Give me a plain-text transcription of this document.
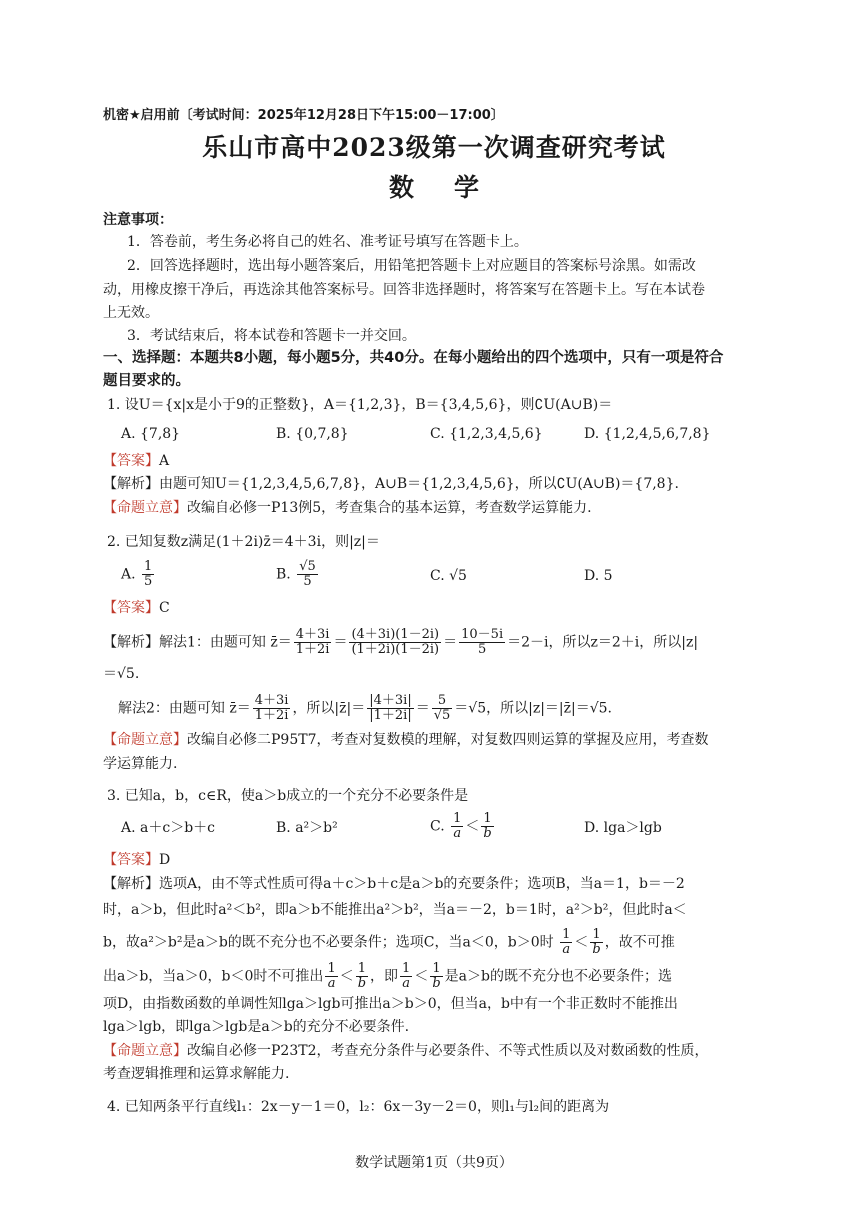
机密★启用前〔考试时间：2025年12月28日下午15:00－17:00〕
乐山市高中2023级第一次调查研究考试
数学
注意事项：
1．答卷前，考生务必将自己的姓名、准考证号填写在答题卡上。
2．回答选择题时，选出每小题答案后，用铅笔把答题卡上对应题目的答案标号涂黑。如需改
动，用橡皮擦干净后，再选涂其他答案标号。回答非选择题时，将答案写在答题卡上。写在本试卷
上无效。
3．考试结束后，将本试卷和答题卡一并交回。
一、选择题：本题共8小题，每小题5分，共40分。在每小题给出的四个选项中，只有一项是符合
题目要求的。
1. 设U＝{x|x是小于9的正整数}，A＝{1,2,3}，B＝{3,4,5,6}，则∁U(A∪B)＝
A. {7,8}	B. {0,7,8}	C. {1,2,3,4,5,6}	D. {1,2,4,5,6,7,8}
【答案】A
【解析】由题可知U＝{1,2,3,4,5,6,7,8}，A∪B＝{1,2,3,4,5,6}，所以∁U(A∪B)＝{7,8}.
【命题立意】改编自必修一P13例5，考查集合的基本运算，考查数学运算能力.
2. 已知复数z满足(1＋2i)z̄＝4＋3i，则|z|＝
A. $\frac{1}{5}$	B. $\frac{√5}{5}$	C. √5	D. 5
【答案】C
【解析】解法1：由题可知 z̄＝ $\frac{4+3i}{1+2i} = \frac{(4+3i)(1-2i)}{(1+2i)(1-2i)} = \frac{10-5i}{5} =2-i$，所以z＝2＋i，所以|z|
＝√5.
解法2：由题可知 z̄＝ $\frac{4+3i}{1+2i}$ ，所以|z̄|＝ $\frac{|4+3i|}{|1+2i|} = \frac{5}{√5} =√5$，所以|z|＝|z̄|＝√5.
【命题立意】改编自必修二P95T7，考查对复数模的理解，对复数四则运算的掌握及应用，考查数
学运算能力.
3. 已知a，b，c∈R，使a＞b成立的一个充分不必要条件是
A. a＋c＞b＋c	B. a²＞b²	C. $\frac{1}{a} < \frac{1}{b}$	D. lga＞lgb
【答案】D
【解析】选项A，由不等式性质可得a＋c＞b＋c是a＞b的充要条件；选项B，当a＝1，b＝－2
时，a＞b，但此时a²＜b²，即a＞b不能推出a²＞b²，当a＝－2，b＝1时，a²＞b²，但此时a＜
b，故a²＞b²是a＞b的既不充分也不必要条件；选项C，当a＜0，b＞0时 $\frac{1}{a} < \frac{1}{b}$ ，故不可推
出a＞b，当a＞0，b＜0时不可推出 $\frac{1}{a} < \frac{1}{b}$ ，即 $\frac{1}{a} < \frac{1}{b}$ 是a＞b的既不充分也不必要条件；选
项D，由指数函数的单调性知lga＞lgb可推出a＞b＞0，但当a，b中有一个非正数时不能推出
lga＞lgb，即lga＞lgb是a＞b的充分不必要条件.
【命题立意】改编自必修一P23T2，考查充分条件与必要条件、不等式性质以及对数函数的性质，
考查逻辑推理和运算求解能力.
4. 已知两条平行直线l₁：2x－y－1＝0，l₂：6x－3y－2＝0，则l₁与l₂间的距离为
数学试题第1页（共9页）
